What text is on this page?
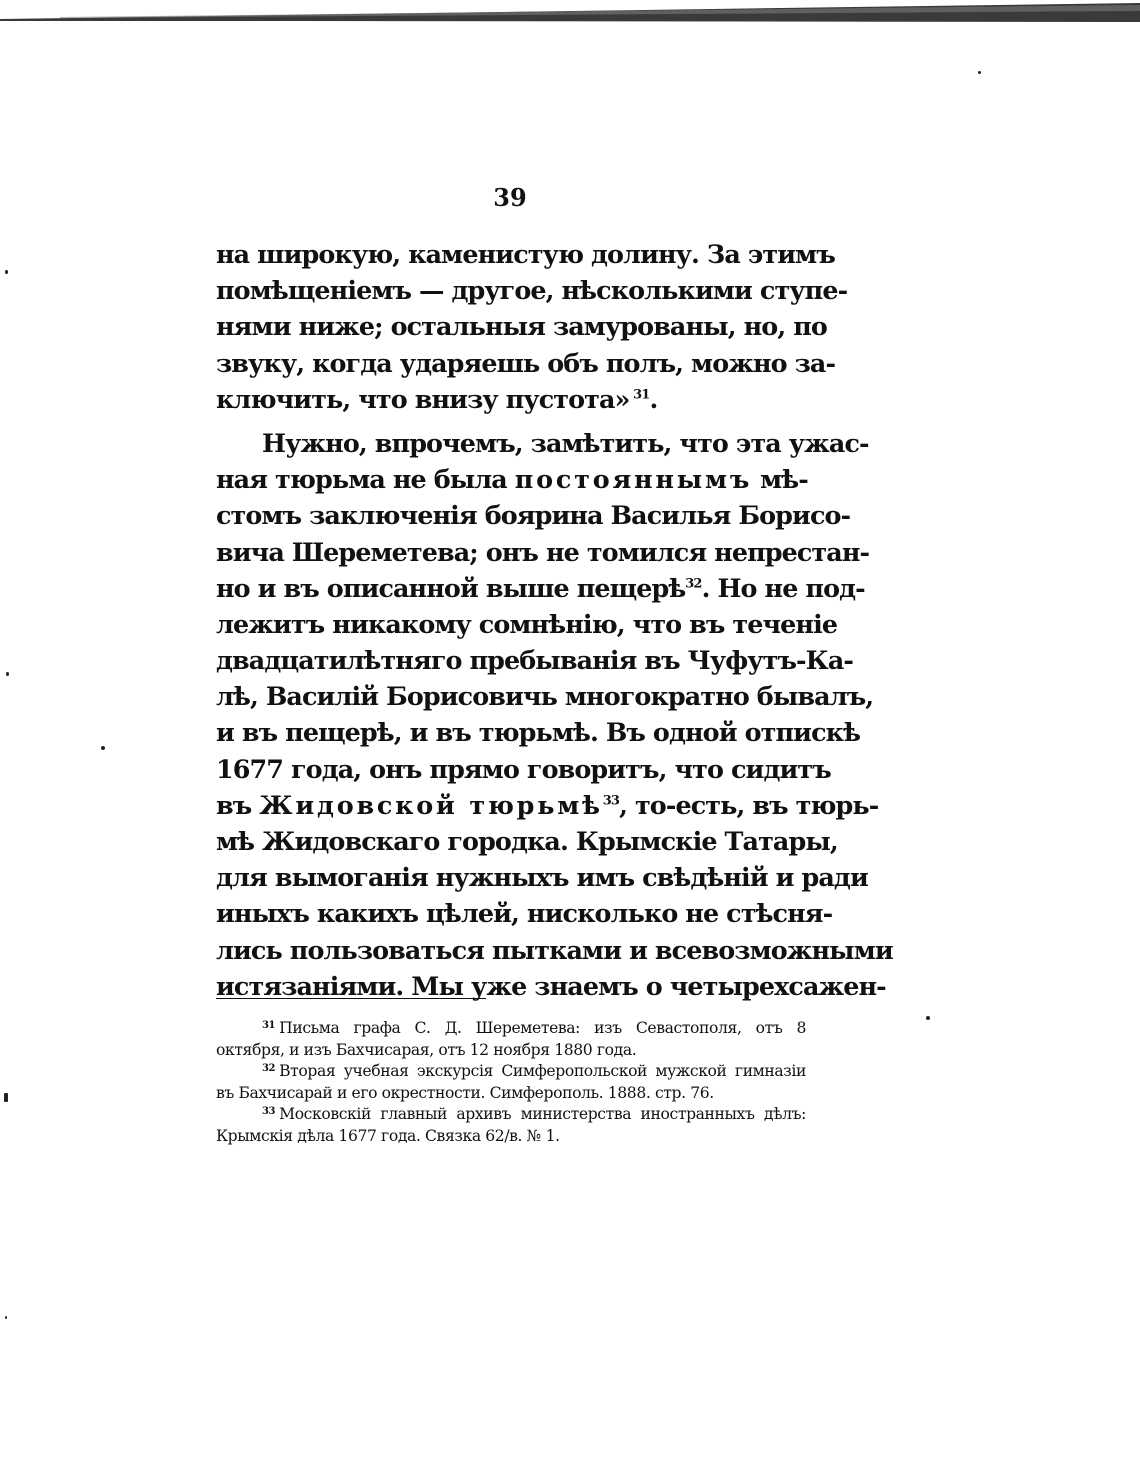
39
на широкую, каменистую долину. За этимъ
помѣщеніемъ — другое, нѣсколькими ступе-
нями ниже; остальныя замурованы, но, по
звуку, когда ударяешь объ полъ, можно за-
ключить, что внизу пустота» $^{31}$.
Нужно, впрочемъ, замѣтить, что эта ужас-
ная тюрьма не была постояннымъ мѣ-
стомъ заключенія боярина Василья Борисо-
вича Шереметева; онъ не томился непрестан-
но и въ описанной выше пещерѣ$^{32}$. Но не под-
лежитъ никакому сомнѣнію, что въ теченіе
двадцатилѣтняго пребыванія въ Чуфутъ-Ка-
лѣ, Василій Борисовичь многократно бывалъ,
и въ пещерѣ, и въ тюрьмѣ. Въ одной отпискѣ
1677 года, онъ прямо говоритъ, что сидитъ
въ Жидовской тюрьмѣ$^{33}$, то-есть, въ тюрь-
мѣ Жидовскаго городка. Крымскіе Татары,
для вымоганія нужныхъ имъ свѣдѣній и ради
иныхъ какихъ цѣлей, нисколько не стѣсня-
лись пользоваться пытками и всевозможными
истязаніями. Мы уже знаемъ о четырехсажен-
$^{31}$ Письма графа С. Д. Шереметева: изъ Севастополя, отъ 8
октября, и изъ Бахчисарая, отъ 12 ноября 1880 года.
$^{32}$ Вторая учебная экскурсія Симферопольской мужской гимназіи
въ Бахчисарай и его окрестности. Симферополь. 1888. стр. 76.
$^{33}$ Московскій главный архивъ министерства иностранныхъ дѣлъ:
Крымскія дѣла 1677 года. Связка 62/в. № 1.
